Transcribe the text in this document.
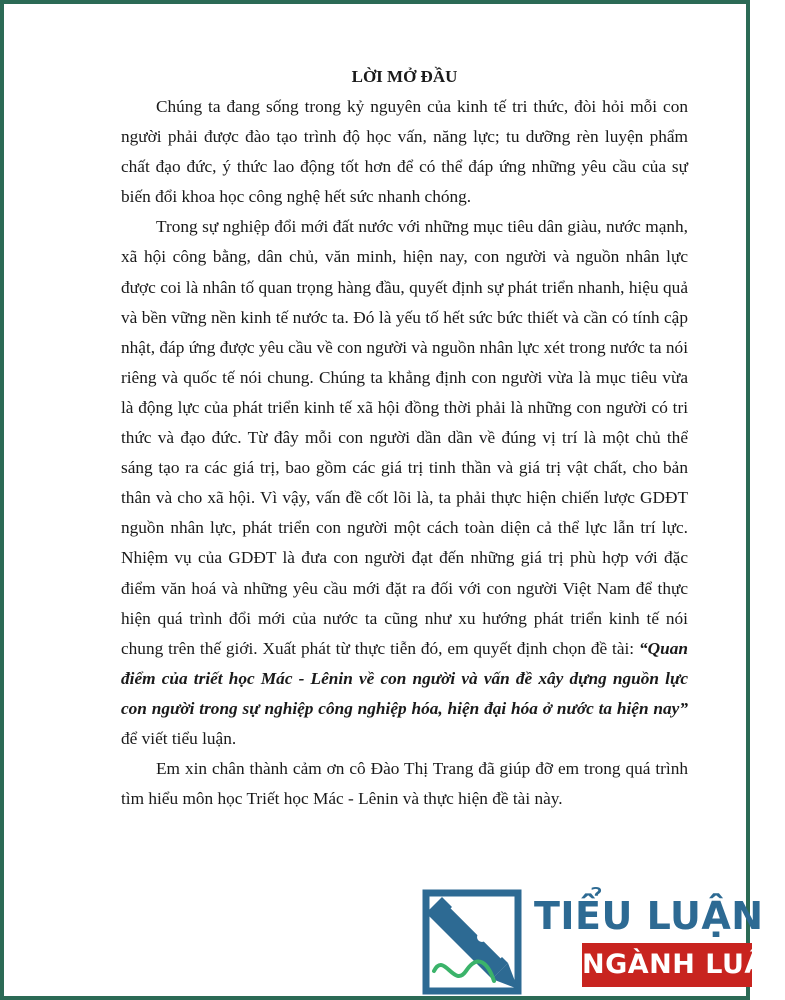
LỜI MỞ ĐẦU

Chúng ta đang sống trong kỷ nguyên của kinh tế tri thức, đòi hỏi mỗi con người phải được đào tạo trình độ học vấn, năng lực; tu dưỡng rèn luyện phẩm chất đạo đức, ý thức lao động tốt hơn để có thể đáp ứng những yêu cầu của sự biến đổi khoa học công nghệ hết sức nhanh chóng.

Trong sự nghiệp đổi mới đất nước với những mục tiêu dân giàu, nước mạnh, xã hội công bằng, dân chủ, văn minh, hiện nay, con người và nguồn nhân lực được coi là nhân tố quan trọng hàng đầu, quyết định sự phát triển nhanh, hiệu quả và bền vững nền kinh tế nước ta. Đó là yếu tố hết sức bức thiết và cần có tính cập nhật, đáp ứng được yêu cầu về con người và nguồn nhân lực xét trong nước ta nói riêng và quốc tế nói chung. Chúng ta khẳng định con người vừa là mục tiêu vừa là động lực của phát triển kinh tế xã hội đồng thời phải là những con người có tri thức và đạo đức. Từ đây mỗi con người dần dần về đúng vị trí là một chủ thể sáng tạo ra các giá trị, bao gồm các giá trị tinh thần và giá trị vật chất, cho bản thân và cho xã hội. Vì vậy, vấn đề cốt lõi là, ta phải thực hiện chiến lược GDĐT nguồn nhân lực, phát triển con người một cách toàn diện cả thể lực lẫn trí lực. Nhiệm vụ của GDĐT là đưa con người đạt đến những giá trị phù hợp với đặc điểm văn hoá và những yêu cầu mới đặt ra đối với con người Việt Nam để thực hiện quá trình đổi mới của nước ta cũng như xu hướng phát triển kinh tế nói chung trên thế giới. Xuất phát từ thực tiễn đó, em quyết định chọn đề tài: “Quan điểm của triết học Mác - Lênin về con người và vấn đề xây dựng nguồn lực con người trong sự nghiệp công nghiệp hóa, hiện đại hóa ở nước ta hiện nay” để viết tiểu luận.

Em xin chân thành cảm ơn cô Đào Thị Trang đã giúp đỡ em trong quá trình tìm hiểu môn học Triết học Mác - Lênin và thực hiện đề tài này.

TIỂU LUẬN
NGÀNH LUẬT
